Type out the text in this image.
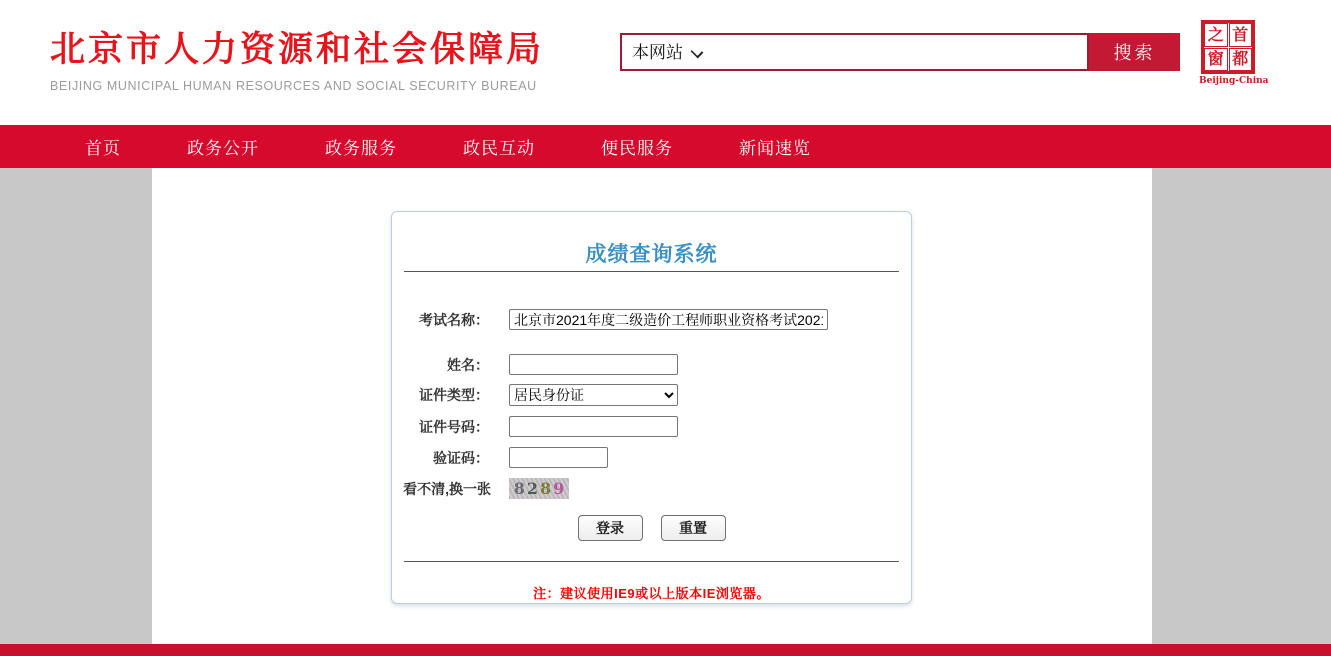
北京市人力资源和社会保障局
BEIJING MUNICIPAL HUMAN RESOURCES AND SOCIAL SECURITY BUREAU
本网站
搜索
之 首
窗 都
Beijing-China
首页	政务公开	政务服务	政民互动	便民服务	新闻速览
成绩查询系统
考试名称：
北京市2021年度二级造价工程师职业资格考试202107
姓名：
证件类型：
居民身份证
证件号码：
验证码：
看不清,换一张 8 2 8 9
登录	重置
注：建议使用IE9或以上版本IE浏览器。
